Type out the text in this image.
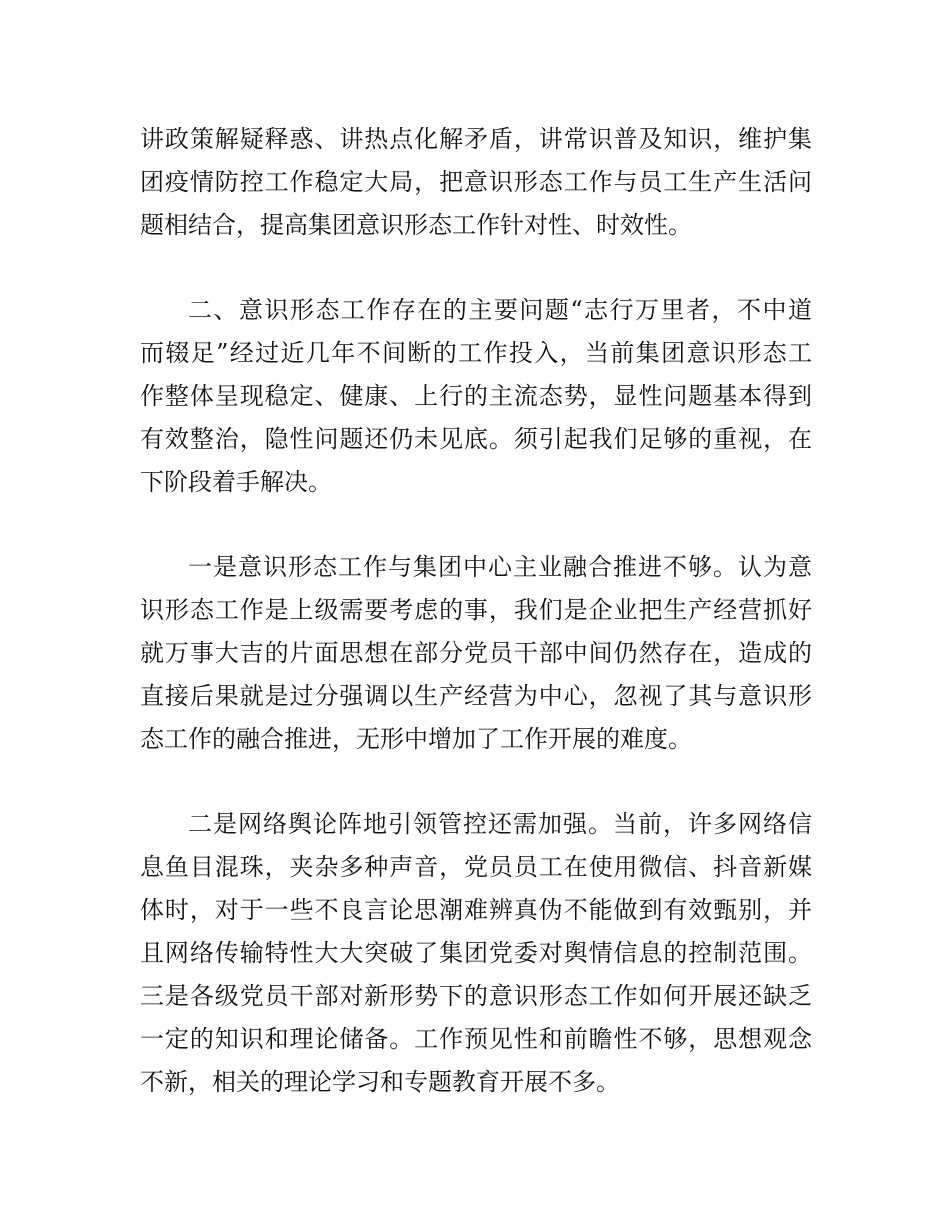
讲政策解疑释惑、讲热点化解矛盾，讲常识普及知识，维护集
团疫情防控工作稳定大局，把意识形态工作与员工生产生活问
题相结合，提高集团意识形态工作针对性、时效性。
二、意识形态工作存在的主要问题“志行万里者，不中道
而辍足”经过近几年不间断的工作投入，当前集团意识形态工
作整体呈现稳定、健康、上行的主流态势，显性问题基本得到
有效整治，隐性问题还仍未见底。须引起我们足够的重视，在
下阶段着手解决。
一是意识形态工作与集团中心主业融合推进不够。认为意
识形态工作是上级需要考虑的事，我们是企业把生产经营抓好
就万事大吉的片面思想在部分党员干部中间仍然存在，造成的
直接后果就是过分强调以生产经营为中心，忽视了其与意识形
态工作的融合推进，无形中增加了工作开展的难度。
二是网络舆论阵地引领管控还需加强。当前，许多网络信
息鱼目混珠，夹杂多种声音，党员员工在使用微信、抖音新媒
体时，对于一些不良言论思潮难辨真伪不能做到有效甄别，并
且网络传输特性大大突破了集团党委对舆情信息的控制范围。
三是各级党员干部对新形势下的意识形态工作如何开展还缺乏
一定的知识和理论储备。工作预见性和前瞻性不够，思想观念
不新，相关的理论学习和专题教育开展不多。
